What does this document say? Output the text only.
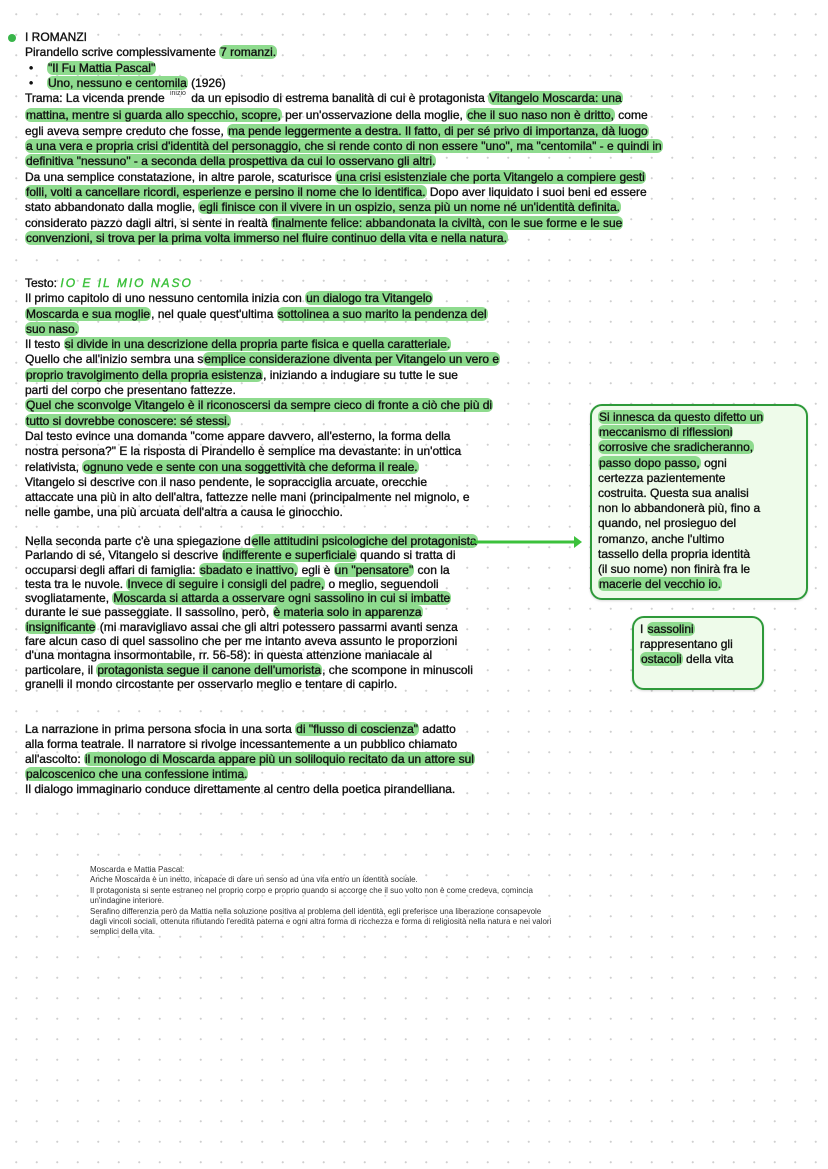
I ROMANZI
Pirandello scrive complessivamente 7 romanzi.
• "Il Fu Mattia Pascal"
• Uno, nessuno e centomila (1926)
Trama: La vicenda prende $^{inizio}$ da un episodio di estrema banalità di cui è protagonista Vitangelo Moscarda: una
mattina, mentre si guarda allo specchio, scopre, per un'osservazione della moglie, che il suo naso non è dritto, come
egli aveva sempre creduto che fosse, ma pende leggermente a destra. Il fatto, di per sé privo di importanza, dà luogo
a una vera e propria crisi d'identità del personaggio, che si rende conto di non essere "uno", ma "centomila" - e quindi in
definitiva "nessuno" - a seconda della prospettiva da cui lo osservano gli altri.
Da una semplice constatazione, in altre parole, scaturisce una crisi esistenziale che porta Vitangelo a compiere gesti
folli, volti a cancellare ricordi, esperienze e persino il nome che lo identifica. Dopo aver liquidato i suoi beni ed essere
stato abbandonato dalla moglie, egli finisce con il vivere in un ospizio, senza più un nome né un'identità definita.
considerato pazzo dagli altri, si sente in realtà finalmente felice: abbandonata la civiltà, con le sue forme e le sue
convenzioni, si trova per la prima volta immerso nel fluire continuo della vita e nella natura.
Testo: IO E IL MIO NASO
Il primo capitolo di uno nessuno centomila inizia con un dialogo tra Vitangelo
Moscarda e sua moglie, nel quale quest'ultima sottolinea a suo marito la pendenza del
suo naso.
Il testo si divide in una descrizione della propria parte fisica e quella caratteriale.
Quello che all'inizio sembra una semplice considerazione diventa per Vitangelo un vero e
proprio travolgimento della propria esistenza, iniziando a indugiare su tutte le sue
parti del corpo che presentano fattezze.
Quel che sconvolge Vitangelo è il riconoscersi da sempre cieco di fronte a ciò che più di
tutto si dovrebbe conoscere: sé stessi.
Dal testo evince una domanda "come appare davvero, all'esterno, la forma della
nostra persona?" E la risposta di Pirandello è semplice ma devastante: in un'ottica
relativista, ognuno vede e sente con una soggettività che deforma il reale.
Vitangelo si descrive con il naso pendente, le sopracciglia arcuate, orecchie
attaccate una più in alto dell'altra, fattezze nelle mani (principalmente nel mignolo, e
nelle gambe, una più arcuata dell'altra a causa le ginocchio.
Nella seconda parte c'è una spiegazione delle attitudini psicologiche del protagonista
Parlando di sé, Vitangelo si descrive indifferente e superficiale quando si tratta di
occuparsi degli affari di famiglia: sbadato e inattivo, egli è un "pensatore" con la
testa tra le nuvole. Invece di seguire i consigli del padre, o meglio, seguendoli
svogliatamente, Moscarda si attarda a osservare ogni sassolino in cui si imbatte
durante le sue passeggiate. Il sassolino, però, è materia solo in apparenza
insignificante (mi maravigliavo assai che gli altri potessero passarmi avanti senza
fare alcun caso di quel sassolino che per me intanto aveva assunto le proporzioni
d'una montagna insormontabile, rr. 56-58): in questa attenzione maniacale al
particolare, il protagonista segue il canone dell'umorista, che scompone in minuscoli
granelli il mondo circostante per osservarlo meglio e tentare di capirlo.
La narrazione in prima persona sfocia in una sorta di "flusso di coscienza" adatto
alla forma teatrale. Il narratore si rivolge incessantemente a un pubblico chiamato
all'ascolto: il monologo di Moscarda appare più un soliloquio recitato da un attore sul
palcoscenico che una confessione intima.
Il dialogo immaginario conduce direttamente al centro della poetica pirandelliana.
Si innesca da questo difetto un
meccanismo di riflessioni
corrosive che sradicheranno,
passo dopo passo, ogni
certezza pazientemente
costruita. Questa sua analisi
non lo abbandonerà più, fino a
quando, nel prosieguo del
romanzo, anche l'ultimo
tassello della propria identità
(il suo nome) non finirà fra le
macerie del vecchio io.
I sassolini
rappresentano gli
ostacoli della vita
Moscarda e Mattia Pascal:
Anche Moscarda è un inetto, incapace di dare un senso ad una vita entro un identità sociale.
Il protagonista si sente estraneo nel proprio corpo e proprio quando si accorge che il suo volto non è come credeva, comincia
un'indagine interiore.
Serafino differenzia però da Mattia nella soluzione positiva al problema dell identità, egli preferisce una liberazione consapevole
dagli vincoli sociali, ottenuta rifiutando l'eredità paterna e ogni altra forma di ricchezza e forma di religiosità nella natura e nei valori
semplici della vita.
